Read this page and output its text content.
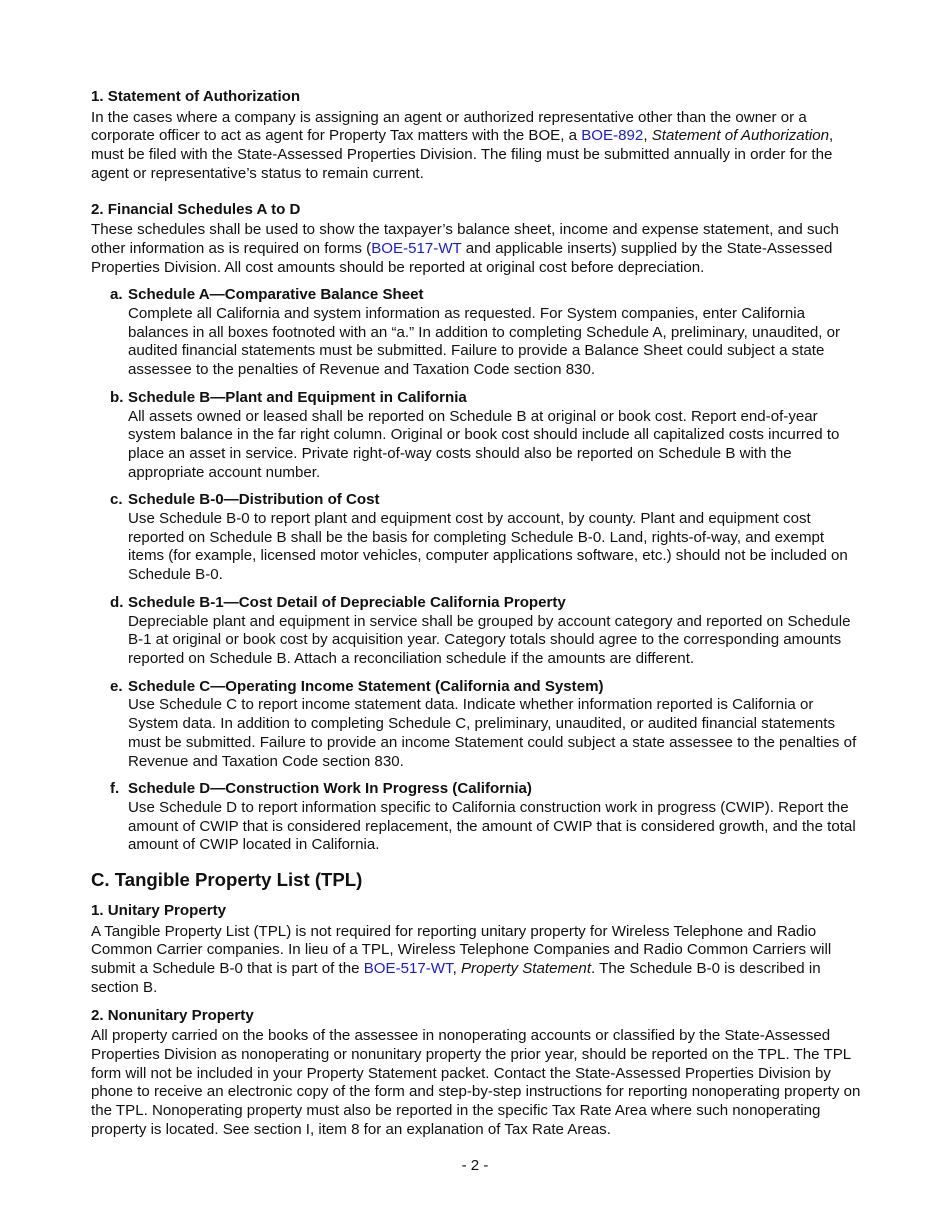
1. Statement of Authorization

In the cases where a company is assigning an agent or authorized representative other than the owner or a corporate officer to act as agent for Property Tax matters with the BOE, a BOE-892, Statement of Authorization, must be filed with the State-Assessed Properties Division. The filing must be submitted annually in order for the agent or representative’s status to remain current.

2. Financial Schedules A to D

These schedules shall be used to show the taxpayer’s balance sheet, income and expense statement, and such other information as is required on forms (BOE-517-WT and applicable inserts) supplied by the State-Assessed Properties Division. All cost amounts should be reported at original cost before depreciation.

a. Schedule A—Comparative Balance Sheet

Complete all California and system information as requested. For System companies, enter California balances in all boxes footnoted with an “a.” In addition to completing Schedule A, preliminary, unaudited, or audited financial statements must be submitted. Failure to provide a Balance Sheet could subject a state assessee to the penalties of Revenue and Taxation Code section 830.

b. Schedule B—Plant and Equipment in California

All assets owned or leased shall be reported on Schedule B at original or book cost. Report end-of-year system balance in the far right column. Original or book cost should include all capitalized costs incurred to place an asset in service. Private right-of-way costs should also be reported on Schedule B with the appropriate account number.

c. Schedule B-0—Distribution of Cost

Use Schedule B-0 to report plant and equipment cost by account, by county. Plant and equipment cost reported on Schedule B shall be the basis for completing Schedule B-0. Land, rights-of-way, and exempt items (for example, licensed motor vehicles, computer applications software, etc.) should not be included on Schedule B-0.

d. Schedule B-1—Cost Detail of Depreciable California Property

Depreciable plant and equipment in service shall be grouped by account category and reported on Schedule B-1 at original or book cost by acquisition year. Category totals should agree to the corresponding amounts reported on Schedule B. Attach a reconciliation schedule if the amounts are different.

e. Schedule C—Operating Income Statement (California and System)

Use Schedule C to report income statement data. Indicate whether information reported is California or System data. In addition to completing Schedule C, preliminary, unaudited, or audited financial statements must be submitted. Failure to provide an income Statement could subject a state assessee to the penalties of Revenue and Taxation Code section 830.

f. Schedule D—Construction Work In Progress (California)

Use Schedule D to report information specific to California construction work in progress (CWIP). Report the amount of CWIP that is considered replacement, the amount of CWIP that is considered growth, and the total amount of CWIP located in California.

C. Tangible Property List (TPL)
1. Unitary Property

A Tangible Property List (TPL) is not required for reporting unitary property for Wireless Telephone and Radio Common Carrier companies. In lieu of a TPL, Wireless Telephone Companies and Radio Common Carriers will submit a Schedule B-0 that is part of the BOE-517-WT, Property Statement. The Schedule B-0 is described in section B.

2. Nonunitary Property

All property carried on the books of the assessee in nonoperating accounts or classified by the State-Assessed Properties Division as nonoperating or nonunitary property the prior year, should be reported on the TPL. The TPL form will not be included in your Property Statement packet. Contact the State-Assessed Properties Division by phone to receive an electronic copy of the form and step-by-step instructions for reporting nonoperating property on the TPL. Nonoperating property must also be reported in the specific Tax Rate Area where such nonoperating property is located. See section I, item 8 for an explanation of Tax Rate Areas.

- 2 -
